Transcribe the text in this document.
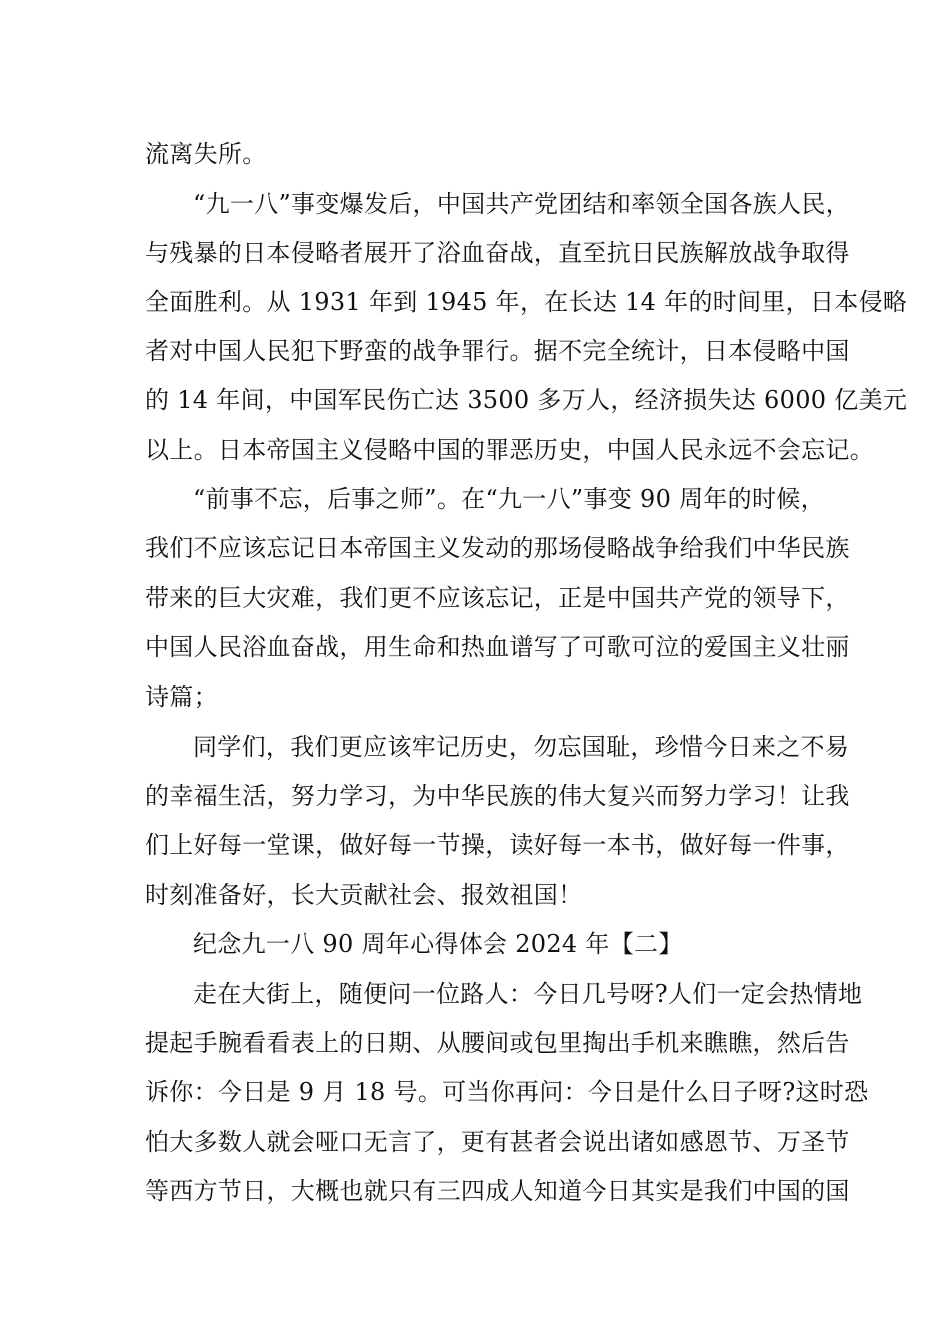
流离失所。
“九一八”事变爆发后，中国共产党团结和率领全国各族人民，
与残暴的日本侵略者展开了浴血奋战，直至抗日民族解放战争取得
全面胜利。从 1931 年到 1945 年，在长达 14 年的时间里，日本侵略
者对中国人民犯下野蛮的战争罪行。据不完全统计，日本侵略中国
的 14 年间，中国军民伤亡达 3500 多万人，经济损失达 6000 亿美元
以上。日本帝国主义侵略中国的罪恶历史，中国人民永远不会忘记。
“前事不忘，后事之师”。在“九一八”事变 90 周年的时候，
我们不应该忘记日本帝国主义发动的那场侵略战争给我们中华民族
带来的巨大灾难，我们更不应该忘记，正是中国共产党的领导下，
中国人民浴血奋战，用生命和热血谱写了可歌可泣的爱国主义壮丽
诗篇；
同学们，我们更应该牢记历史，勿忘国耻，珍惜今日来之不易
的幸福生活，努力学习，为中华民族的伟大复兴而努力学习！让我
们上好每一堂课，做好每一节操，读好每一本书，做好每一件事，
时刻准备好，长大贡献社会、报效祖国！
纪念九一八 90 周年心得体会 2024 年【二】
走在大街上，随便问一位路人：今日几号呀?人们一定会热情地
提起手腕看看表上的日期、从腰间或包里掏出手机来瞧瞧，然后告
诉你：今日是 9 月 18 号。可当你再问：今日是什么日子呀?这时恐
怕大多数人就会哑口无言了，更有甚者会说出诸如感恩节、万圣节
等西方节日，大概也就只有三四成人知道今日其实是我们中国的国
